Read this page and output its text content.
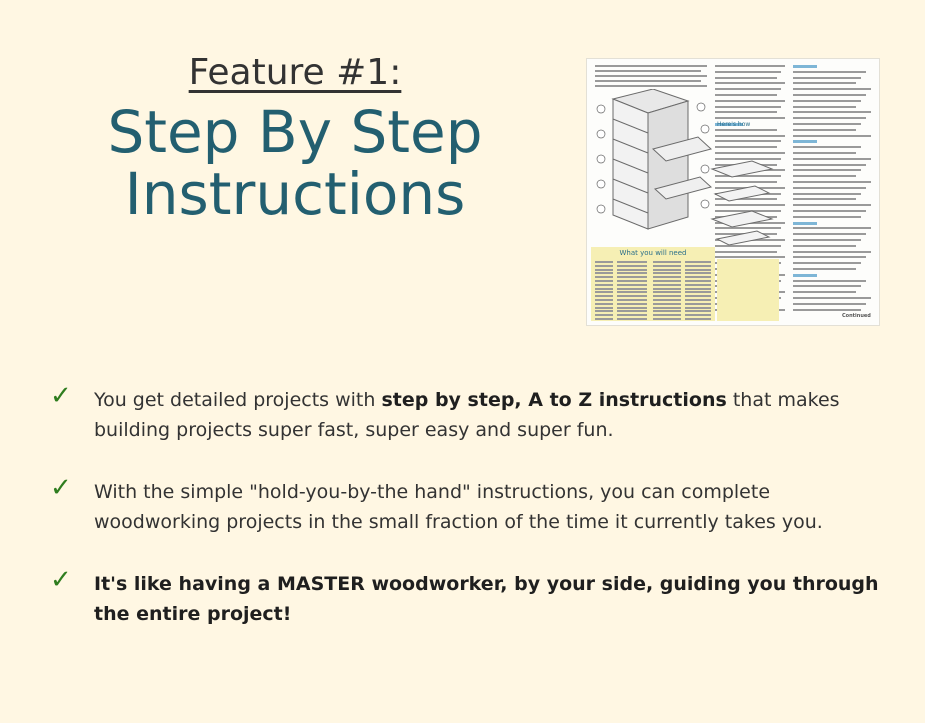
Feature #1:

Step By Step
Instructions

What you will need
Here's how
Continued
✓ You get detailed projects with step by step, A to Z instructions that makes building projects super fast, super easy and super fun.

✓ With the simple "hold-you-by-the hand" instructions, you can complete woodworking projects in the small fraction of the time it currently takes you.

✓ It's like having a MASTER woodworker, by your side, guiding you through the entire project!
